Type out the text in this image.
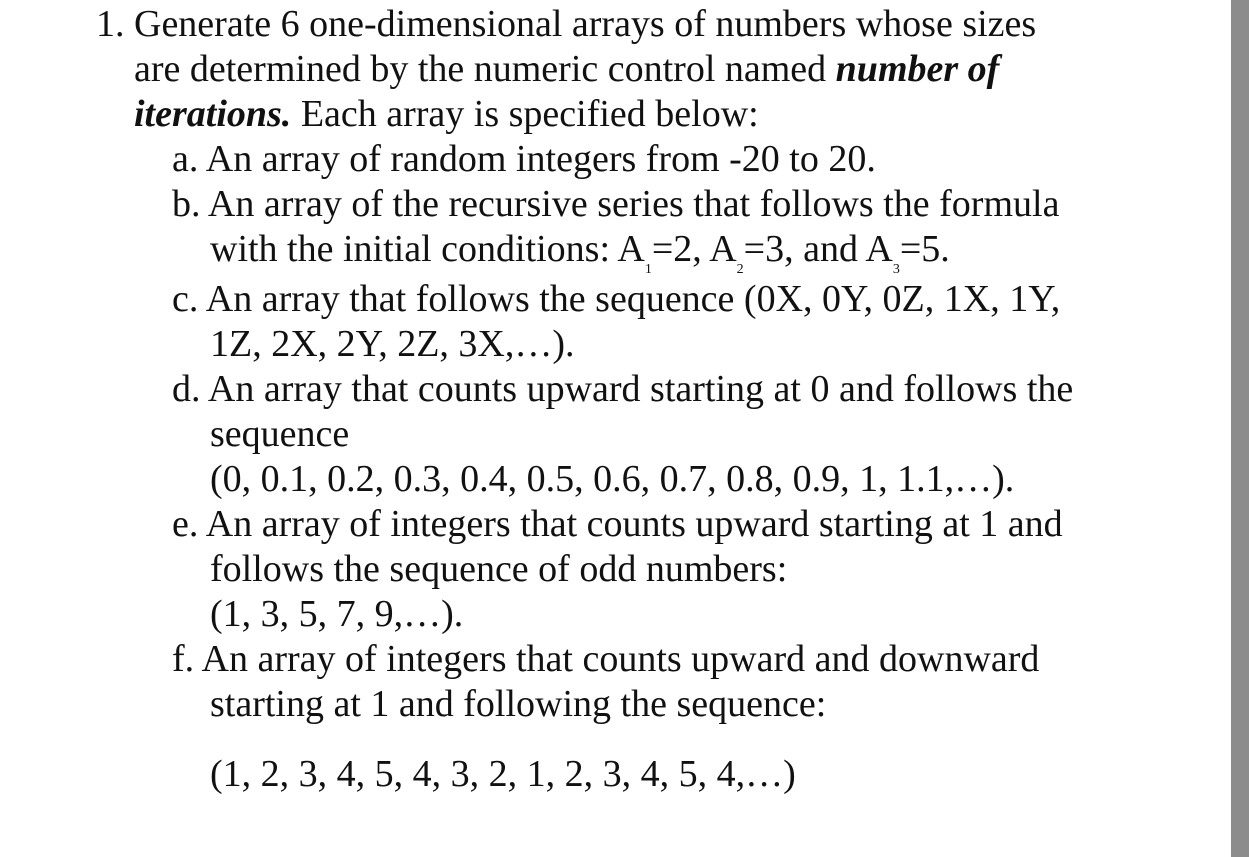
1. Generate 6 one-dimensional arrays of numbers whose sizes
are determined by the numeric control named number of
iterations. Each array is specified below:
a. An array of random integers from -20 to 20.
b. An array of the recursive series that follows the formula
with the initial conditions: $A_1=2$, $A_2=3$, and $A_3=5$.
c. An array that follows the sequence (0X, 0Y, 0Z, 1X, 1Y,
1Z, 2X, 2Y, 2Z, 3X,…).
d. An array that counts upward starting at 0 and follows the
sequence
(0, 0.1, 0.2, 0.3, 0.4, 0.5, 0.6, 0.7, 0.8, 0.9, 1, 1.1,…).
e. An array of integers that counts upward starting at 1 and
follows the sequence of odd numbers:
(1, 3, 5, 7, 9,…).
f. An array of integers that counts upward and downward
starting at 1 and following the sequence:
(1, 2, 3, 4, 5, 4, 3, 2, 1, 2, 3, 4, 5, 4,…)
